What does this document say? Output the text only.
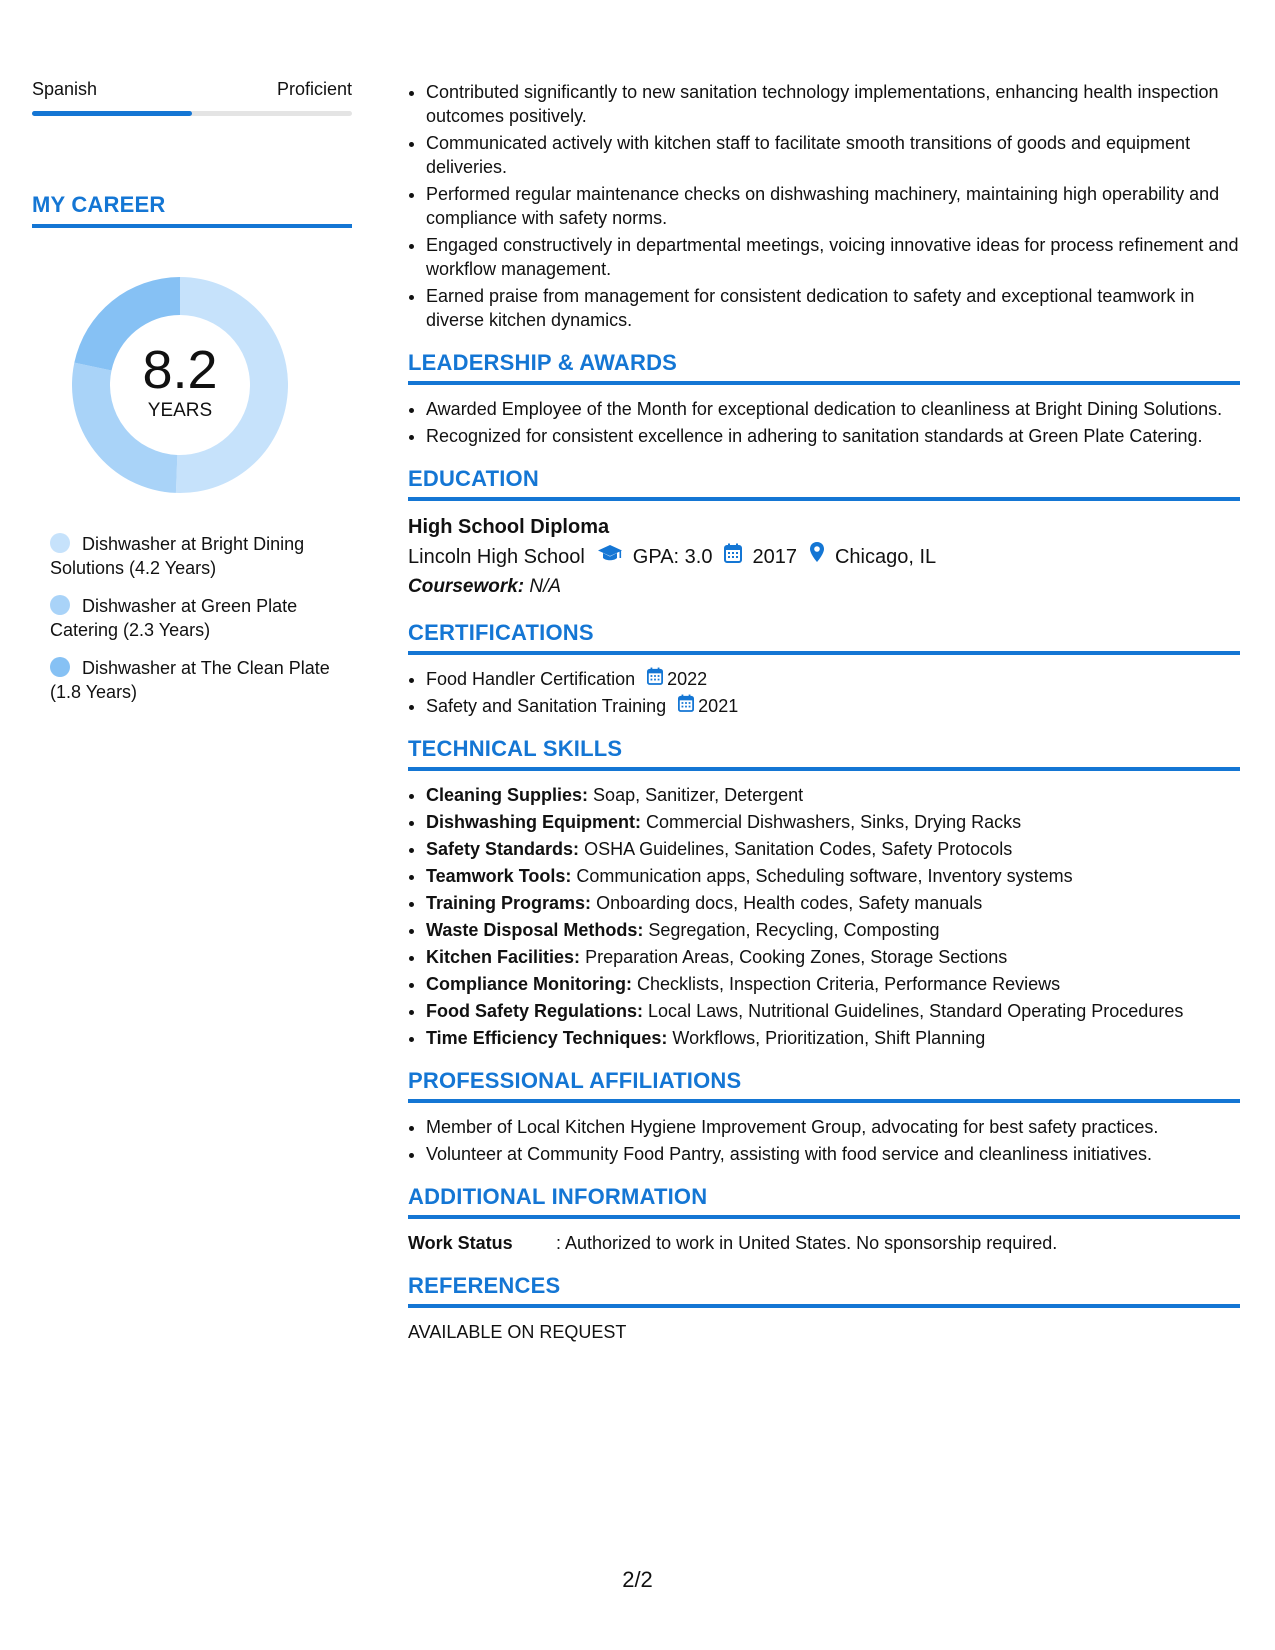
Spanish	Proficient
MY CAREER
8.2
YEARS
Dishwasher at Bright Dining Solutions (4.2 Years)
Dishwasher at Green Plate Catering (2.3 Years)
Dishwasher at The Clean Plate (1.8 Years)
• Contributed significantly to new sanitation technology implementations, enhancing health inspection outcomes positively.
• Communicated actively with kitchen staff to facilitate smooth transitions of goods and equipment deliveries.
• Performed regular maintenance checks on dishwashing machinery, maintaining high operability and compliance with safety norms.
• Engaged constructively in departmental meetings, voicing innovative ideas for process refinement and workflow management.
• Earned praise from management for consistent dedication to safety and exceptional teamwork in diverse kitchen dynamics.
LEADERSHIP & AWARDS
• Awarded Employee of the Month for exceptional dedication to cleanliness at Bright Dining Solutions.
• Recognized for consistent excellence in adhering to sanitation standards at Green Plate Catering.
EDUCATION
High School Diploma
Lincoln High School GPA: 3.0 2017 Chicago, IL
Coursework: N/A
CERTIFICATIONS
• Food Handler Certification 2022
• Safety and Sanitation Training 2021
TECHNICAL SKILLS
• Cleaning Supplies: Soap, Sanitizer, Detergent
• Dishwashing Equipment: Commercial Dishwashers, Sinks, Drying Racks
• Safety Standards: OSHA Guidelines, Sanitation Codes, Safety Protocols
• Teamwork Tools: Communication apps, Scheduling software, Inventory systems
• Training Programs: Onboarding docs, Health codes, Safety manuals
• Waste Disposal Methods: Segregation, Recycling, Composting
• Kitchen Facilities: Preparation Areas, Cooking Zones, Storage Sections
• Compliance Monitoring: Checklists, Inspection Criteria, Performance Reviews
• Food Safety Regulations: Local Laws, Nutritional Guidelines, Standard Operating Procedures
• Time Efficiency Techniques: Workflows, Prioritization, Shift Planning
PROFESSIONAL AFFILIATIONS
• Member of Local Kitchen Hygiene Improvement Group, advocating for best safety practices.
• Volunteer at Community Food Pantry, assisting with food service and cleanliness initiatives.
ADDITIONAL INFORMATION
Work Status	: Authorized to work in United States. No sponsorship required.
REFERENCES
AVAILABLE ON REQUEST
2/2
